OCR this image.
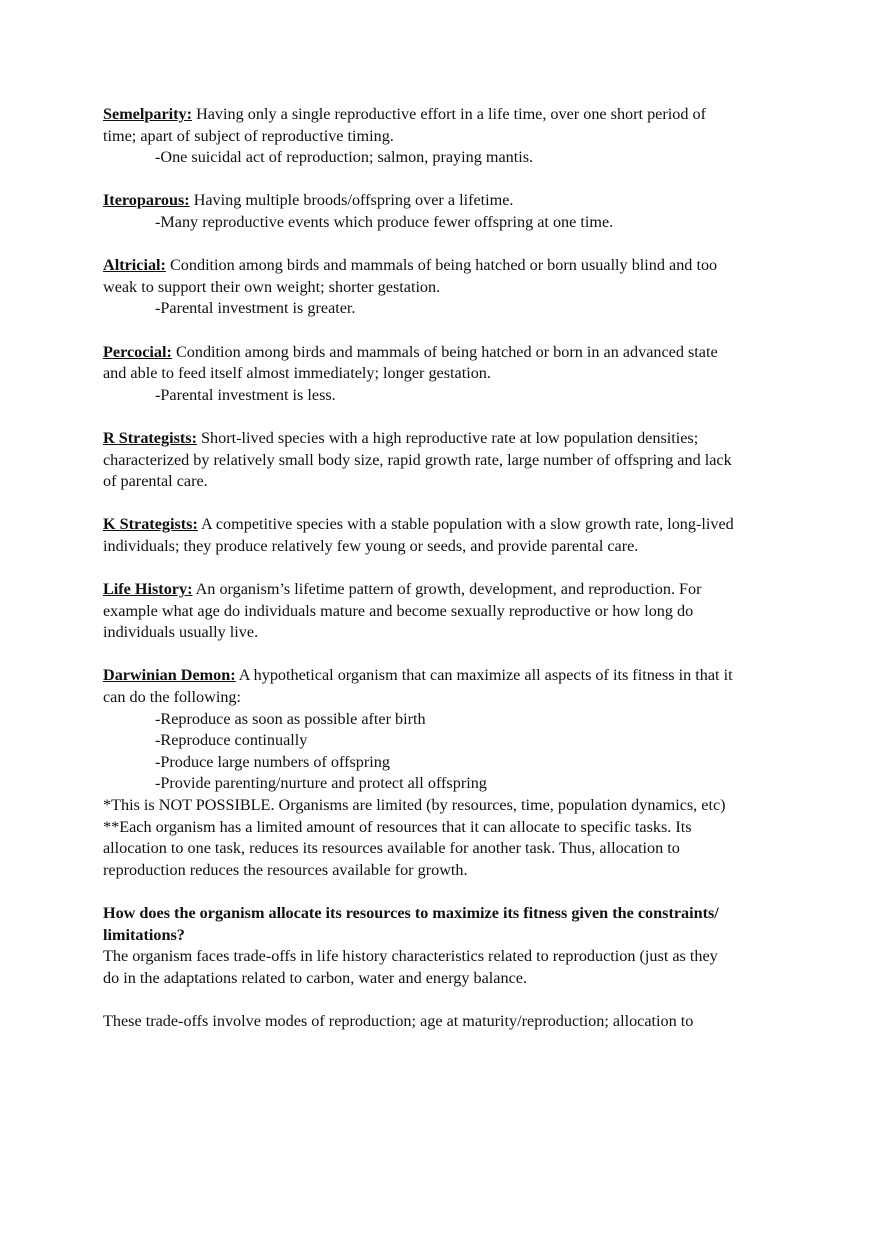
Semelparity: Having only a single reproductive effort in a life time, over one short period of
time; apart of subject of reproductive timing.
-One suicidal act of reproduction; salmon, praying mantis.
Iteroparous: Having multiple broods/offspring over a lifetime.
-Many reproductive events which produce fewer offspring at one time.
Altricial: Condition among birds and mammals of being hatched or born usually blind and too
weak to support their own weight; shorter gestation.
-Parental investment is greater.
Percocial: Condition among birds and mammals of being hatched or born in an advanced state
and able to feed itself almost immediately; longer gestation.
-Parental investment is less.
R Strategists: Short-lived species with a high reproductive rate at low population densities;
characterized by relatively small body size, rapid growth rate, large number of offspring and lack
of parental care.
K Strategists: A competitive species with a stable population with a slow growth rate, long-lived
individuals; they produce relatively few young or seeds, and provide parental care.
Life History: An organism’s lifetime pattern of growth, development, and reproduction. For
example what age do individuals mature and become sexually reproductive or how long do
individuals usually live.
Darwinian Demon: A hypothetical organism that can maximize all aspects of its fitness in that it
can do the following:
-Reproduce as soon as possible after birth
-Reproduce continually
-Produce large numbers of offspring
-Provide parenting/nurture and protect all offspring
*This is NOT POSSIBLE. Organisms are limited (by resources, time, population dynamics, etc)
**Each organism has a limited amount of resources that it can allocate to specific tasks. Its
allocation to one task, reduces its resources available for another task. Thus, allocation to
reproduction reduces the resources available for growth.
How does the organism allocate its resources to maximize its fitness given the constraints/
limitations?
The organism faces trade-offs in life history characteristics related to reproduction (just as they
do in the adaptations related to carbon, water and energy balance.
These trade-offs involve modes of reproduction; age at maturity/reproduction; allocation to
